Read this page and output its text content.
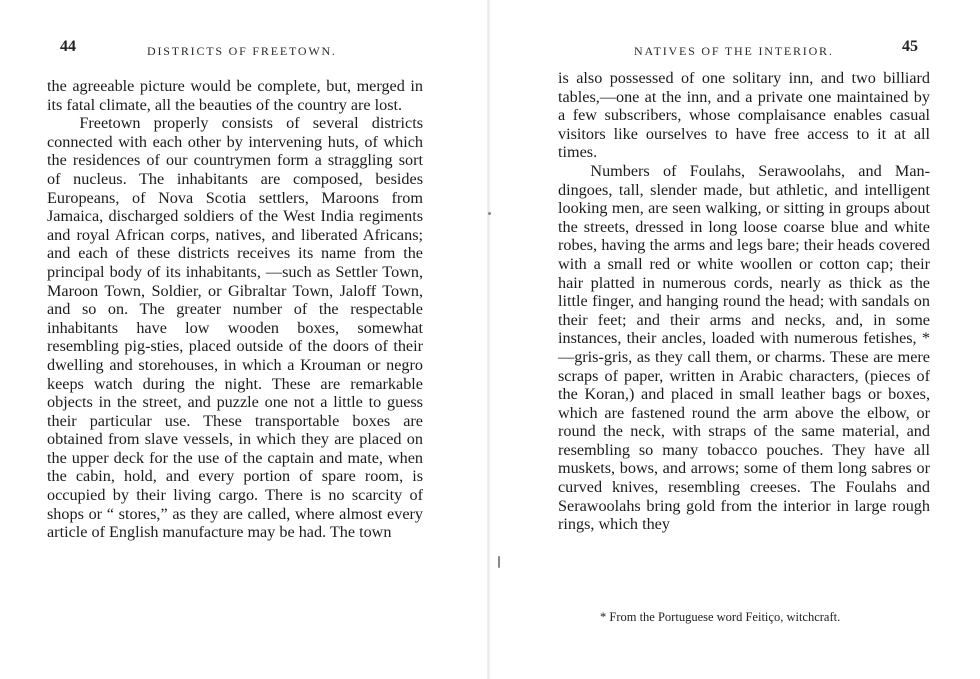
44	DISTRICTS OF FREETOWN.

the agreeable picture would be complete, but, merged in its fatal climate, all the beauties of the country are lost.

Freetown properly consists of several districts connected with each other by intervening huts, of which the residences of our countrymen form a straggling sort of nucleus. The inhabitants are composed, besides Europeans, of Nova Scotia settlers, Maroons from Jamaica, discharged soldiers of the West India regiments and royal African corps, natives, and liberated Africans; and each of these districts receives its name from the principal body of its inhabitants, —such as Settler Town, Maroon Town, Soldier, or Gibraltar Town, Jaloff Town, and so on. The greater number of the respectable inhabitants have low wooden boxes, somewhat resembling pig-sties, placed outside of the doors of their dwelling and storehouses, in which a Krouman or negro keeps watch during the night. These are remarkable objects in the street, and puzzle one not a little to guess their particular use. These transportable boxes are obtained from slave vessels, in which they are placed on the upper deck for the use of the captain and mate, when the cabin, hold, and every portion of spare room, is occupied by their living cargo. There is no scarcity of shops or “ stores,” as they are called, where almost every article of English manufacture may be had. The town

NATIVES OF THE INTERIOR.	45

is also possessed of one solitary inn, and two billiard tables,—one at the inn, and a private one maintained by a few subscribers, whose complaisance enables casual visitors like ourselves to have free access to it at all times.

Numbers of Foulahs, Serawoolahs, and Mandingoes, tall, slender made, but athletic, and intelligent looking men, are seen walking, or sitting in groups about the streets, dressed in long loose coarse blue and white robes, having the arms and legs bare; their heads covered with a small red or white woollen or cotton cap; their hair platted in numerous cords, nearly as thick as the little finger, and hanging round the head; with sandals on their feet; and their arms and necks, and, in some instances, their ancles, loaded with numerous fetishes, *—gris-gris, as they call them, or charms. These are mere scraps of paper, written in Arabic characters, (pieces of the Koran,) and placed in small leather bags or boxes, which are fastened round the arm above the elbow, or round the neck, with straps of the same material, and resembling so many tobacco pouches. They have all muskets, bows, and arrows; some of them long sabres or curved knives, resembling creeses. The Foulahs and Serawoolahs bring gold from the interior in large rough rings, which they

* From the Portuguese word Feitiço, witchcraft.
